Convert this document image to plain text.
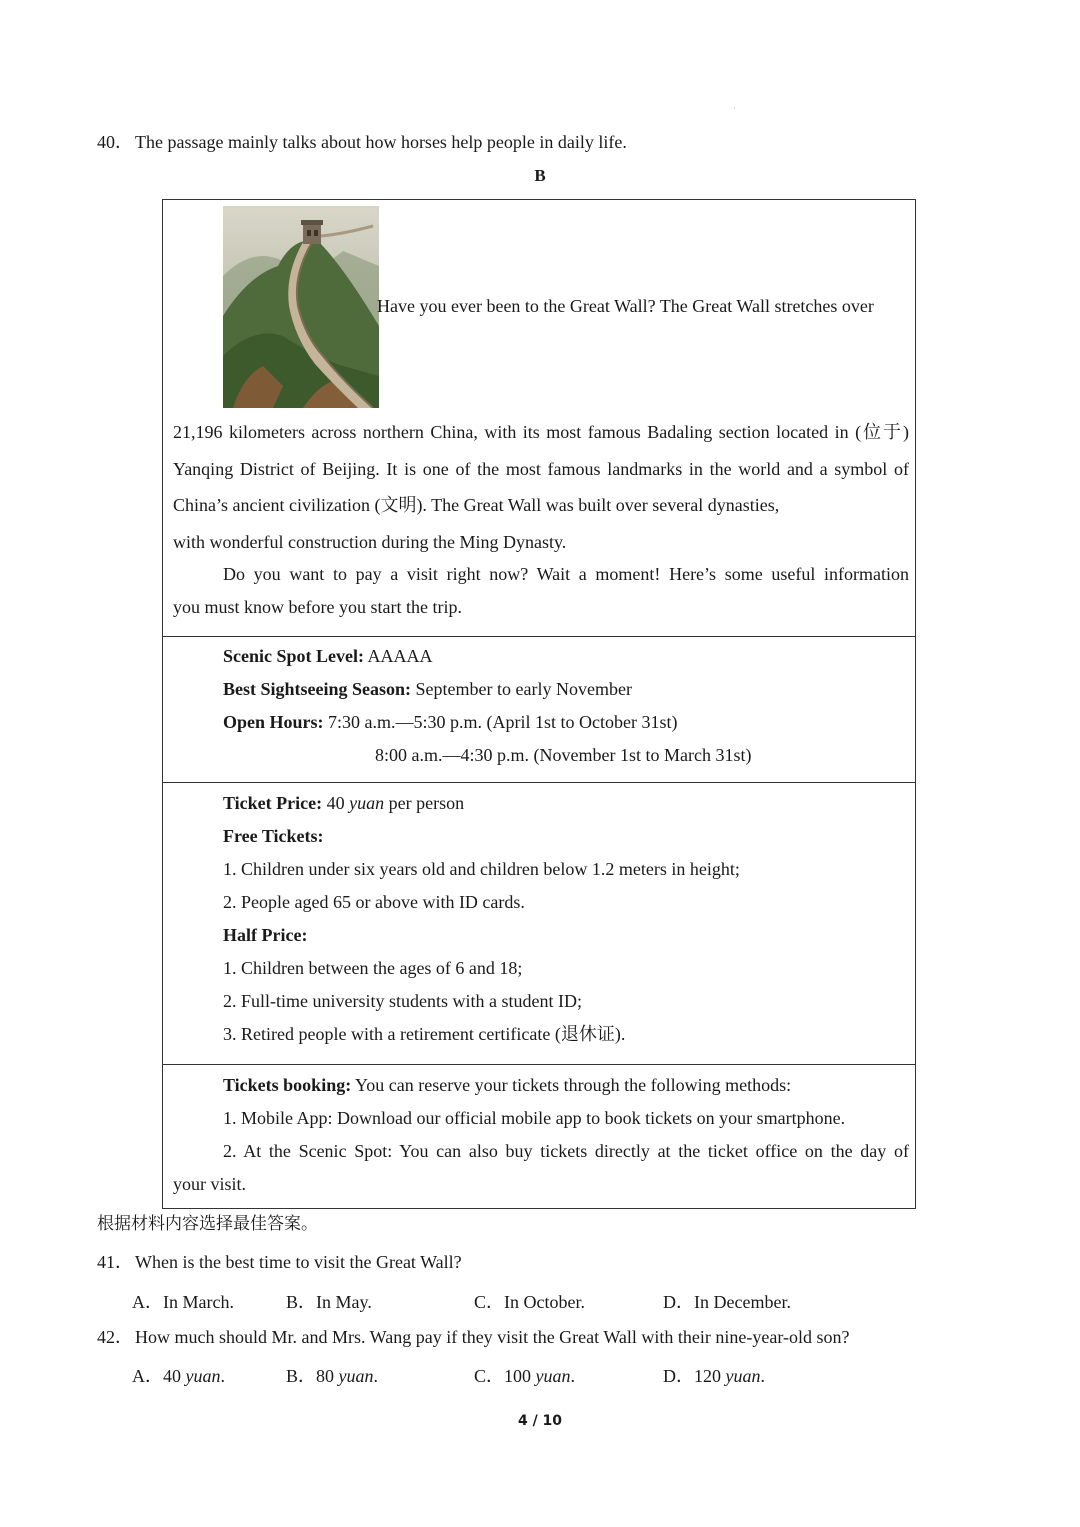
·
40． The passage mainly talks about how horses help people in daily life.
B
Have you ever been to the Great Wall? The Great Wall stretches over
21,196 kilometers across northern China, with its most famous Badaling section located in (位于) Yanqing District of Beijing. It is one of the most famous landmarks in the world and a symbol of China’s ancient civilization (文明). The Great Wall was built over several dynasties,
with wonderful construction during the Ming Dynasty.
Do you want to pay a visit right now? Wait a moment! Here’s some useful information
you must know before you start the trip.
Scenic Spot Level: AAAAA
Best Sightseeing Season: September to early November
Open Hours: 7:30 a.m.—5:30 p.m. (April 1st to October 31st)
8:00 a.m.—4:30 p.m. (November 1st to March 31st)
Ticket Price: 40 yuan per person
Free Tickets:
1. Children under six years old and children below 1.2 meters in height;
2. People aged 65 or above with ID cards.
Half Price:
1. Children between the ages of 6 and 18;
2. Full-time university students with a student ID;
3. Retired people with a retirement certificate (退休证).
Tickets booking: You can reserve your tickets through the following methods:
1. Mobile App: Download our official mobile app to book tickets on your smartphone.
2. At the Scenic Spot: You can also buy tickets directly at the ticket office on the day of
your visit.
根据材料内容选择最佳答案。
41． When is the best time to visit the Great Wall?
A．In March.	B．In May.	C．In October.	D．In December.
42． How much should Mr. and Mrs. Wang pay if they visit the Great Wall with their nine-year-old son?
A．40 yuan.	B．80 yuan.	C．100 yuan.	D．120 yuan.
4 / 10
